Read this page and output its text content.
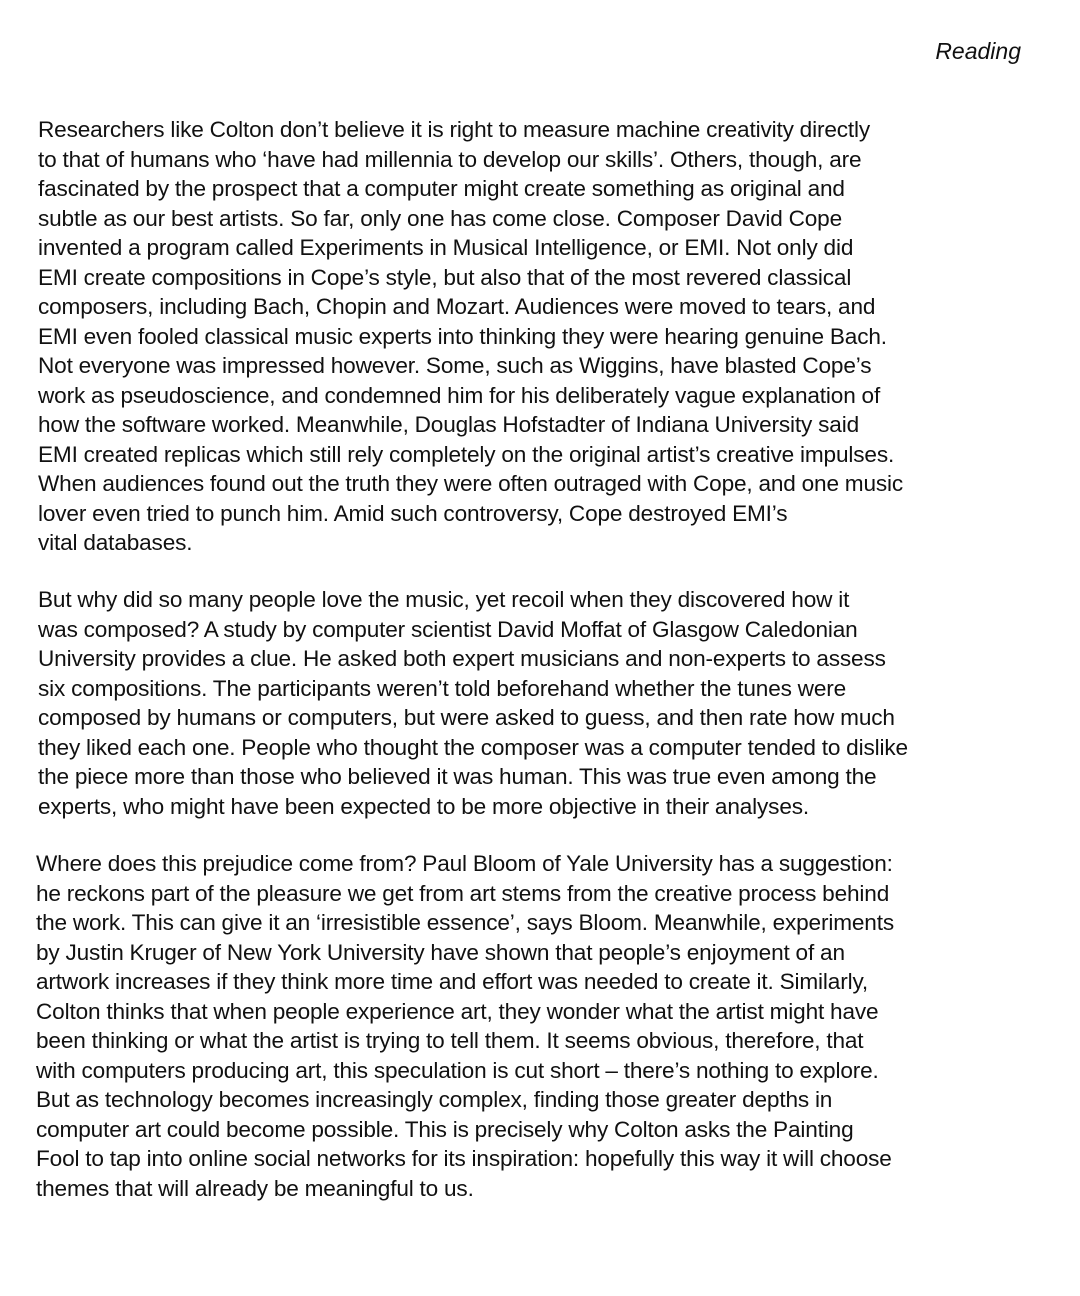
Reading
Researchers like Colton don’t believe it is right to measure machine creativity directly
to that of humans who ‘have had millennia to develop our skills’. Others, though, are
fascinated by the prospect that a computer might create something as original and
subtle as our best artists. So far, only one has come close. Composer David Cope
invented a program called Experiments in Musical Intelligence, or EMI. Not only did
EMI create compositions in Cope’s style, but also that of the most revered classical
composers, including Bach, Chopin and Mozart. Audiences were moved to tears, and
EMI even fooled classical music experts into thinking they were hearing genuine Bach.
Not everyone was impressed however. Some, such as Wiggins, have blasted Cope’s
work as pseudoscience, and condemned him for his deliberately vague explanation of
how the software worked. Meanwhile, Douglas Hofstadter of Indiana University said
EMI created replicas which still rely completely on the original artist’s creative impulses.
When audiences found out the truth they were often outraged with Cope, and one music
lover even tried to punch him. Amid such controversy, Cope destroyed EMI’s
vital databases.
But why did so many people love the music, yet recoil when they discovered how it
was composed? A study by computer scientist David Moffat of Glasgow Caledonian
University provides a clue. He asked both expert musicians and non-experts to assess
six compositions. The participants weren’t told beforehand whether the tunes were
composed by humans or computers, but were asked to guess, and then rate how much
they liked each one. People who thought the composer was a computer tended to dislike
the piece more than those who believed it was human. This was true even among the
experts, who might have been expected to be more objective in their analyses.
Where does this prejudice come from? Paul Bloom of Yale University has a suggestion:
he reckons part of the pleasure we get from art stems from the creative process behind
the work. This can give it an ‘irresistible essence’, says Bloom. Meanwhile, experiments
by Justin Kruger of New York University have shown that people’s enjoyment of an
artwork increases if they think more time and effort was needed to create it. Similarly,
Colton thinks that when people experience art, they wonder what the artist might have
been thinking or what the artist is trying to tell them. It seems obvious, therefore, that
with computers producing art, this speculation is cut short – there’s nothing to explore.
But as technology becomes increasingly complex, finding those greater depths in
computer art could become possible. This is precisely why Colton asks the Painting
Fool to tap into online social networks for its inspiration: hopefully this way it will choose
themes that will already be meaningful to us.
